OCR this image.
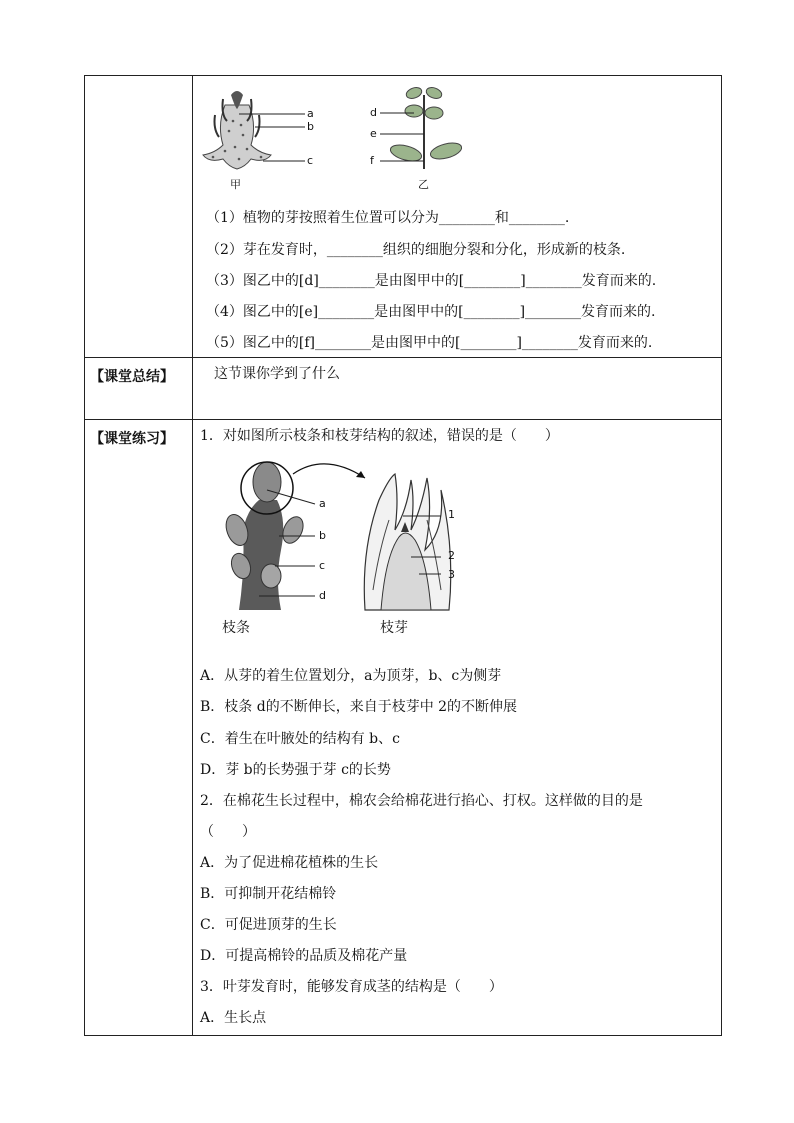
a
b
c
甲
d
e
f
乙
（1）植物的芽按照着生位置可以分为________和________.
（2）芽在发育时，________组织的细胞分裂和分化，形成新的枝条.
（3）图乙中的[d]________是由图甲中的[________]________发育而来的.
（4）图乙中的[e]________是由图甲中的[________]________发育而来的.
（5）图乙中的[f]________是由图甲中的[________]________发育而来的.
【课堂总结】	这节课你学到了什么
【课堂练习】 1．对如图所示枝条和枝芽结构的叙述，错误的是（　　）
a
b
c
d
枝条
1
2
3
枝芽
A．从芽的着生位置划分，a为顶芽，b、c为侧芽
B．枝条 d的不断伸长，来自于枝芽中 2的不断伸展
C．着生在叶腋处的结构有 b、c
D．芽 b的长势强于芽 c的长势
2．在棉花生长过程中，棉农会给棉花进行掐心、打权。这样做的目的是
（　　）
A．为了促进棉花植株的生长
B．可抑制开花结棉铃
C．可促进顶芽的生长
D．可提高棉铃的品质及棉花产量
3．叶芽发育时，能够发育成茎的结构是（　　）
A．生长点
